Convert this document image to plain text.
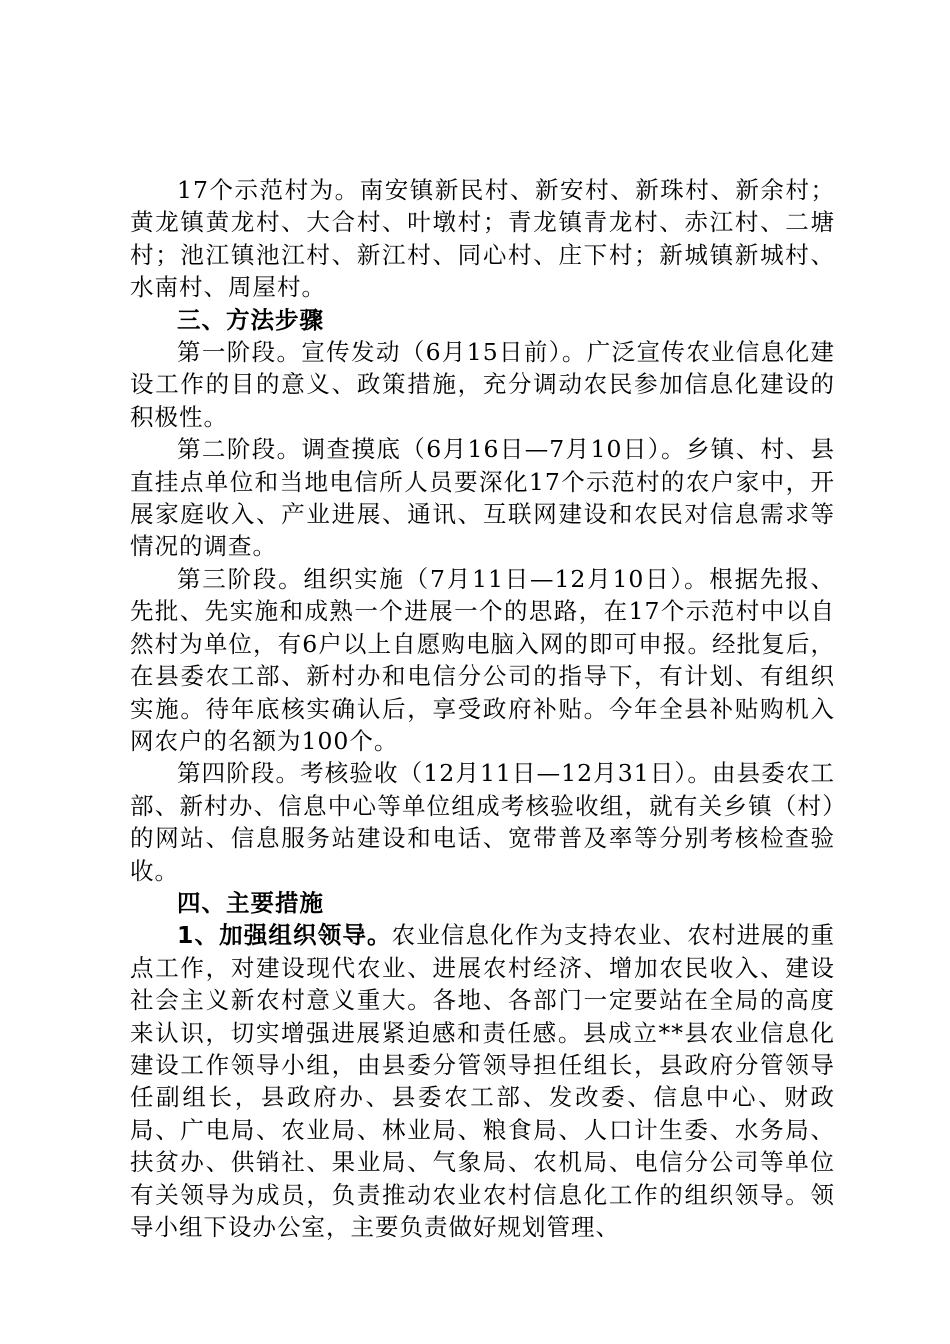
17个示范村为。南安镇新民村、新安村、新珠村、新余村；黄龙镇黄龙村、大合村、叶墩村；青龙镇青龙村、赤江村、二塘村；池江镇池江村、新江村、同心村、庄下村；新城镇新城村、水南村、周屋村。

三、方法步骤

第一阶段。宣传发动（6月15日前）。广泛宣传农业信息化建设工作的目的意义、政策措施，充分调动农民参加信息化建设的积极性。

第二阶段。调查摸底（6月16日—7月10日）。乡镇、村、县直挂点单位和当地电信所人员要深化17个示范村的农户家中，开展家庭收入、产业进展、通讯、互联网建设和农民对信息需求等情况的调查。

第三阶段。组织实施（7月11日—12月10日）。根据先报、先批、先实施和成熟一个进展一个的思路，在17个示范村中以自然村为单位，有6户以上自愿购电脑入网的即可申报。经批复后，在县委农工部、新村办和电信分公司的指导下，有计划、有组织实施。待年底核实确认后，享受政府补贴。今年全县补贴购机入网农户的名额为100个。

第四阶段。考核验收（12月11日—12月31日）。由县委农工部、新村办、信息中心等单位组成考核验收组，就有关乡镇（村）的网站、信息服务站建设和电话、宽带普及率等分别考核检查验收。

四、主要措施

1、加强组织领导。农业信息化作为支持农业、农村进展的重点工作，对建设现代农业、进展农村经济、增加农民收入、建设社会主义新农村意义重大。各地、各部门一定要站在全局的高度来认识，切实增强进展紧迫感和责任感。县成立**县农业信息化建设工作领导小组，由县委分管领导担任组长，县政府分管领导任副组长，县政府办、县委农工部、发改委、信息中心、财政局、广电局、农业局、林业局、粮食局、人口计生委、水务局、扶贫办、供销社、果业局、气象局、农机局、电信分公司等单位有关领导为成员，负责推动农业农村信息化工作的组织领导。领导小组下设办公室，主要负责做好规划管理、
